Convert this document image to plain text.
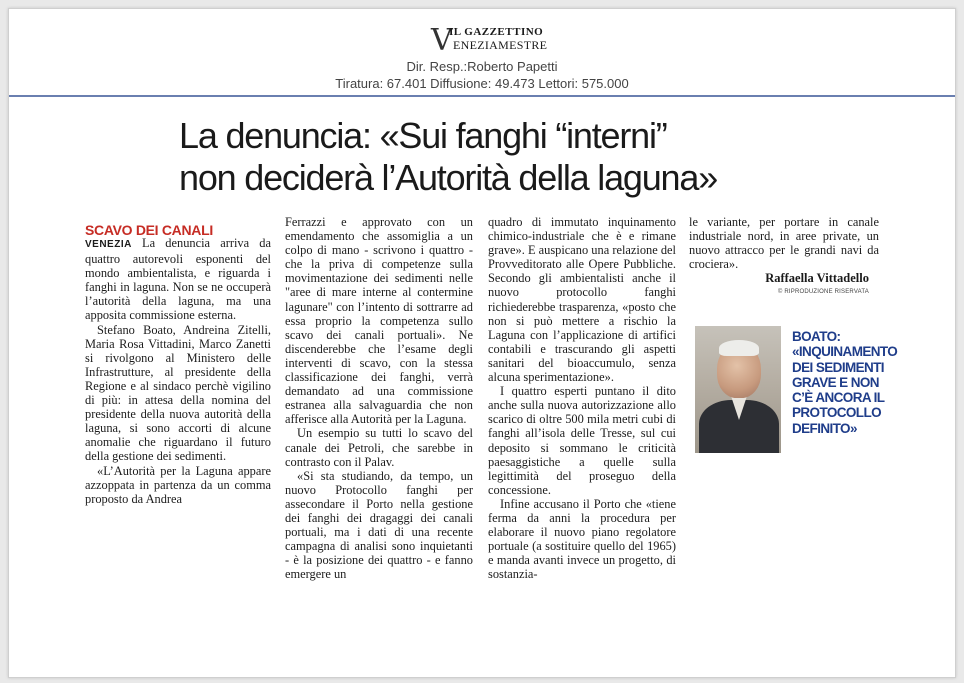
V
IL GAZZETTINO
ENEZIAMESTRE
Dir. Resp.:Roberto Papetti
Tiratura: 67.401 Diffusione: 49.473 Lettori: 575.000
La denuncia: «Sui fanghi “interni”
non deciderà l’Autorità della laguna»
SCAVO DEI CANALI

VENEZIA La denuncia arriva da quattro autorevoli esponenti del mondo ambientalista, e riguarda i fanghi in laguna. Non se ne occuperà l’autorità della laguna, ma una apposita commissione esterna.

Stefano Boato, Andreina Zitelli, Maria Rosa Vittadini, Marco Zanetti si rivolgono al Ministero delle Infrastrutture, al presidente della Regione e al sindaco perchè vigilino di più: in attesa della nomina del presidente della nuova autorità della laguna, si sono accorti di alcune anomalie che riguardano il futuro della gestione dei sedimenti.

«L’Autorità per la Laguna appare azzoppata in partenza da un comma proposto da Andrea

Ferrazzi e approvato con un emendamento che assomiglia a un colpo di mano - scrivono i quattro - che la priva di competenze sulla movimentazione dei sedimenti nelle "aree di mare interne al contermine lagunare" con l’intento di sottrarre ad essa proprio la competenza sullo scavo dei canali portuali». Ne discenderebbe che l’esame degli interventi di scavo, con la stessa classificazione dei fanghi, verrà demandato ad una commissione estranea alla salvaguardia che non afferisce alla Autorità per la Laguna.

Un esempio su tutti lo scavo del canale dei Petroli, che sarebbe in contrasto con il Palav.

«Si sta studiando, da tempo, un nuovo Protocollo fanghi per assecondare il Porto nella gestione dei fanghi dei dragaggi dei canali portuali, ma i dati di una recente campagna di analisi sono inquietanti - è la posizione dei quattro - e fanno emergere un

quadro di immutato inquinamento chimico-industriale che è e rimane grave». E auspicano una relazione del Provveditorato alle Opere Pubbliche. Secondo gli ambientalisti anche il nuovo protocollo fanghi richiederebbe trasparenza, «posto che non si può mettere a rischio la Laguna con l’applicazione di artifici contabili e trascurando gli aspetti sanitari del bioaccumulo, senza alcuna sperimentazione».

I quattro esperti puntano il dito anche sulla nuova autorizzazione allo scarico di oltre 500 mila metri cubi di fanghi all’isola delle Tresse, sul cui deposito si sommano le criticità paesaggistiche a quelle sulla legittimità del proseguo della concessione.

Infine accusano il Porto che «tiene ferma da anni la procedura per elaborare il nuovo piano regolatore portuale (a sostituire quello del 1965) e manda avanti invece un progetto, di sostanzia-

le variante, per portare in canale industriale nord, in aree private, un nuovo attracco per le grandi navi da crociera».

Raffaella Vittadello
© RIPRODUZIONE RISERVATA
BOATO: «INQUINAMENTO DEI SEDIMENTI GRAVE E NON C’È ANCORA IL PROTOCOLLO DEFINITO»
